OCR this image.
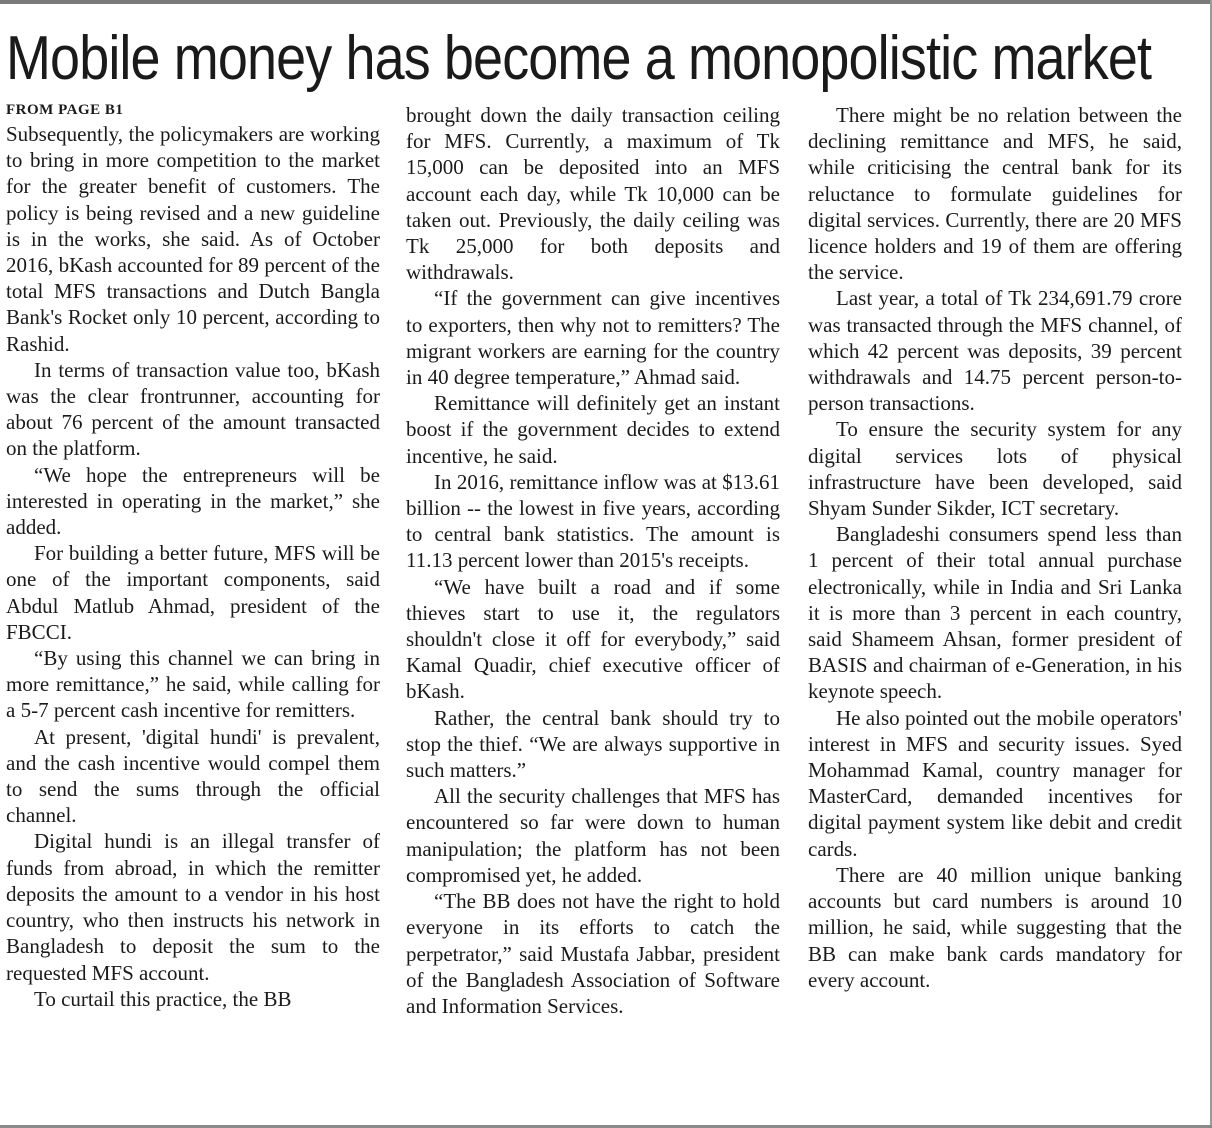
Mobile money has become a monopolistic market
FROM PAGE B1

Subsequently, the policymakers are working to bring in more competition to the market for the greater benefit of customers. The policy is being revised and a new guideline is in the works, she said. As of October 2016, bKash accounted for 89 percent of the total MFS transactions and Dutch Bangla Bank's Rocket only 10 percent, according to Rashid.

In terms of transaction value too, bKash was the clear frontrunner, accounting for about 76 percent of the amount transacted on the platform.

“We hope the entrepreneurs will be interested in operating in the market,” she added.

For building a better future, MFS will be one of the important components, said Abdul Matlub Ahmad, president of the FBCCI.

“By using this channel we can bring in more remittance,” he said, while calling for a 5-7 percent cash incentive for remitters.

At present, 'digital hundi' is prevalent, and the cash incentive would compel them to send the sums through the official channel.

Digital hundi is an illegal transfer of funds from abroad, in which the remitter deposits the amount to a vendor in his host country, who then instructs his network in Bangladesh to deposit the sum to the requested MFS account.

To curtail this practice, the BB

brought down the daily transaction ceiling for MFS. Currently, a maximum of Tk 15,000 can be deposited into an MFS account each day, while Tk 10,000 can be taken out. Previously, the daily ceiling was Tk 25,000 for both deposits and withdrawals.

“If the government can give incentives to exporters, then why not to remitters? The migrant workers are earning for the country in 40 degree temperature,” Ahmad said.

Remittance will definitely get an instant boost if the government decides to extend incentive, he said.

In 2016, remittance inflow was at $13.61 billion -- the lowest in five years, according to central bank statistics. The amount is 11.13 percent lower than 2015's receipts.

“We have built a road and if some thieves start to use it, the regulators shouldn't close it off for everybody,” said Kamal Quadir, chief executive officer of bKash.

Rather, the central bank should try to stop the thief. “We are always supportive in such matters.”

All the security challenges that MFS has encountered so far were down to human manipulation; the platform has not been compromised yet, he added.

“The BB does not have the right to hold everyone in its efforts to catch the perpetrator,” said Mustafa Jabbar, president of the Bangladesh Association of Software and Information Services.

There might be no relation between the declining remittance and MFS, he said, while criticising the central bank for its reluctance to formulate guidelines for digital services. Currently, there are 20 MFS licence holders and 19 of them are offering the service.

Last year, a total of Tk 234,691.79 crore was transacted through the MFS channel, of which 42 percent was deposits, 39 percent withdrawals and 14.75 percent person-to-person transactions.

To ensure the security system for any digital services lots of physical infrastructure have been developed, said Shyam Sunder Sikder, ICT secretary.

Bangladeshi consumers spend less than 1 percent of their total annual purchase electronically, while in India and Sri Lanka it is more than 3 percent in each country, said Shameem Ahsan, former president of BASIS and chairman of e-Generation, in his keynote speech.

He also pointed out the mobile operators' interest in MFS and security issues. Syed Mohammad Kamal, country manager for MasterCard, demanded incentives for digital payment system like debit and credit cards.

There are 40 million unique banking accounts but card numbers is around 10 million, he said, while suggesting that the BB can make bank cards mandatory for every account.
